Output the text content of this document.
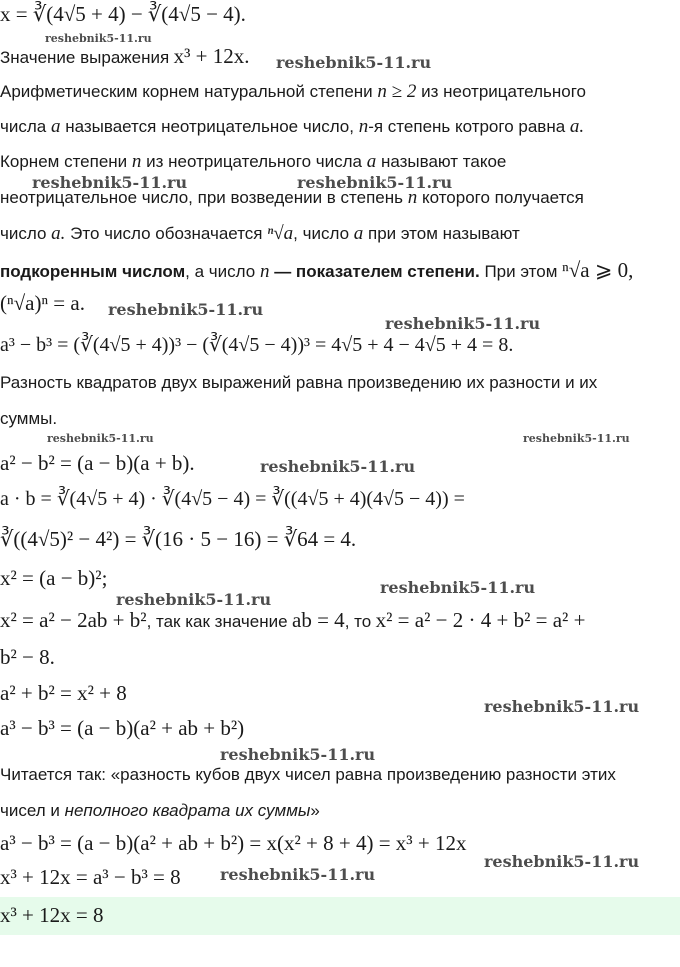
x = ∛(4√5 + 4) − ∛(4√5 − 4).
Значение выражения x³ + 12x.
Арифметическим корнем натуральной степени n ≥ 2 из неотрицательного
числа a называется неотрицательное число, n-я степень котрого равна a.
Корнем степени n из неотрицательного числа a называют такое
неотрицательное число, при возведении в степень n которого получается
число a. Это число обозначается ⁿ√a, число a при этом называют
подкоренным числом, а число n — показателем степени. При этом ⁿ√a ⩾ 0,
(ⁿ√a)ⁿ = a.
a³ − b³ = (∛(4√5 + 4))³ − (∛(4√5 − 4))³ = 4√5 + 4 − 4√5 + 4 = 8.
Разность квадратов двух выражений равна произведению их разности и их
суммы.
a² − b² = (a − b)(a + b).
a · b = ∛(4√5 + 4) · ∛(4√5 − 4) = ∛((4√5 + 4)(4√5 − 4)) =
∛((4√5)² − 4²) = ∛(16 · 5 − 16) = ∛64 = 4.
x² = (a − b)²;
x² = a² − 2ab + b², так как значение ab = 4, то x² = a² − 2 · 4 + b² = a² +
b² − 8.
a² + b² = x² + 8
a³ − b³ = (a − b)(a² + ab + b²)
Читается так: «разность кубов двух чисел равна произведению разности этих
чисел и неполного квадрата их суммы»
a³ − b³ = (a − b)(a² + ab + b²) = x(x² + 8 + 4) = x³ + 12x
x³ + 12x = a³ − b³ = 8
x³ + 12x = 8
reshebnik5-11.ru
reshebnik5-11.ru
reshebnik5-11.ru	reshebnik5-11.ru
reshebnik5-11.ru
reshebnik5-11.ru
reshebnik5-11.ru	reshebnik5-11.ru
reshebnik5-11.ru
reshebnik5-11.ru
reshebnik5-11.ru
reshebnik5-11.ru
reshebnik5-11.ru
reshebnik5-11.ru
reshebnik5-11.ru
